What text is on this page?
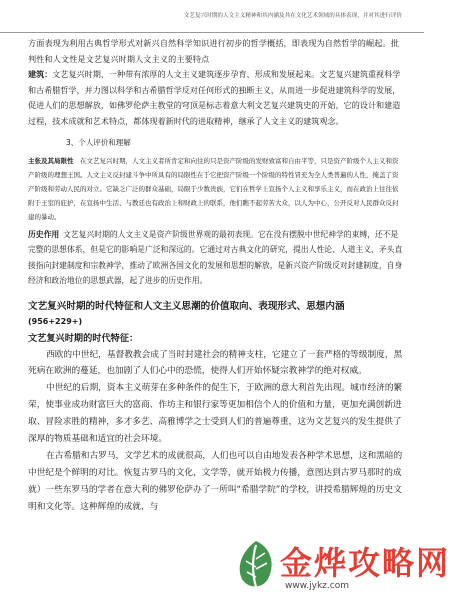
文艺复兴时期的人文主义精神和其内涵及其在文化艺术领域的具体表现，并对其进行评价

方面表现为利用古典哲学形式对新兴自然科学知识进行初步的哲学概括，即表现为自然哲学的崛起。批判性和人文性是文艺复兴时期人文主义的主要特点

建筑：文艺复兴时期，一种带有浓厚的人文主义建筑逐步孕育、形成和发展起来。文艺复兴建筑重视科学和古希腊哲学，并力图以科学和古希腊哲学反对任何形式的独断主义，从而进一步促进建筑科学的发展，促进人们的思想解放，如佛罗伦萨主教堂的穹顶是标志着意大利文艺复兴建筑史的开始，它的设计和建造过程，技术成就和艺术特点，都体现着新时代的进取精神，继承了人文主义的建筑观念。

3、个人评价和理解

主张及其局限性  在文艺复兴时期，人文主义者所肯定和向往的只是资产阶级的发财致富和自由平等，只是资产阶级个人主义和资产阶级的理想王国。人文主义反封建斗争中所具有的局限性在于它把资产阶级一个阶级的特性冒充为全人类普遍的人性，掩盖了资产阶级和劳动人民的对立。它缺乏广泛的群众基础，局限于少数贵族，它们在哲学上宣扬个人主义和享乐主义，而在政治上往往依附于王室的庇护，在宣扬中生活、与教廷也有政治上和财政上的联系，他们瞧不起劳苦大众，以人为中心，公开反对人民群众反封建的暴动。

历史作用  文艺复兴时期的人文主义是资产阶级世界观的最初表现。它在没有摆脱中世纪神学的束缚，还不是完整的思想体系，但是它的影响是广泛和深远的。它通过对古典文化的研究，提出人性论、人道主义、矛头直接指向封建制度和宗教神学，推动了欧洲各国文化的发展和思想的解放，是新兴资产阶级反对封建制度，自身经济和政治地位的思想武器，起了进步的历史作用。

文艺复兴时期的时代特征和人文主义思潮的价值取向、表现形式、思想内涵

(956+229+)

文艺复兴时期的时代特征：

西欧的中世纪，基督教教会成了当时封建社会的精神支柱，它建立了一套严格的等级制度，黑死病在欧洲的蔓延，也加剧了人们心中的恐慌，使得人们开始怀疑宗教神学的绝对权威。

中世纪的后期，资本主义萌芽在多种条件的促生下，于欧洲的意大利首先出现。城市经济的繁荣，使事业成功财富巨大的富商、作坊主和银行家等更加相信个人的价值和力量，更加充满创新进取、冒险求胜的精神，多才多艺、高雅博学之士受到人们的普遍尊重，这为文艺复兴的发生提供了深厚的物质基础和适宜的社会环境。

在古希腊和古罗马，文学艺术的成就很高，人们也可以自由地发表各种学术思想，这和黑暗的中世纪是个鲜明的对比。恢复古罗马的文化，文学等，就开始极力传播，意图达到古罗马那时的成就）一些东罗马的学者在意大利的佛罗伦萨办了一所叫“希腊学院”的学校，讲授希腊辉煌的历史文明和文化等。这种辉煌的成就，与

金烨攻略网
www.jykz.com
